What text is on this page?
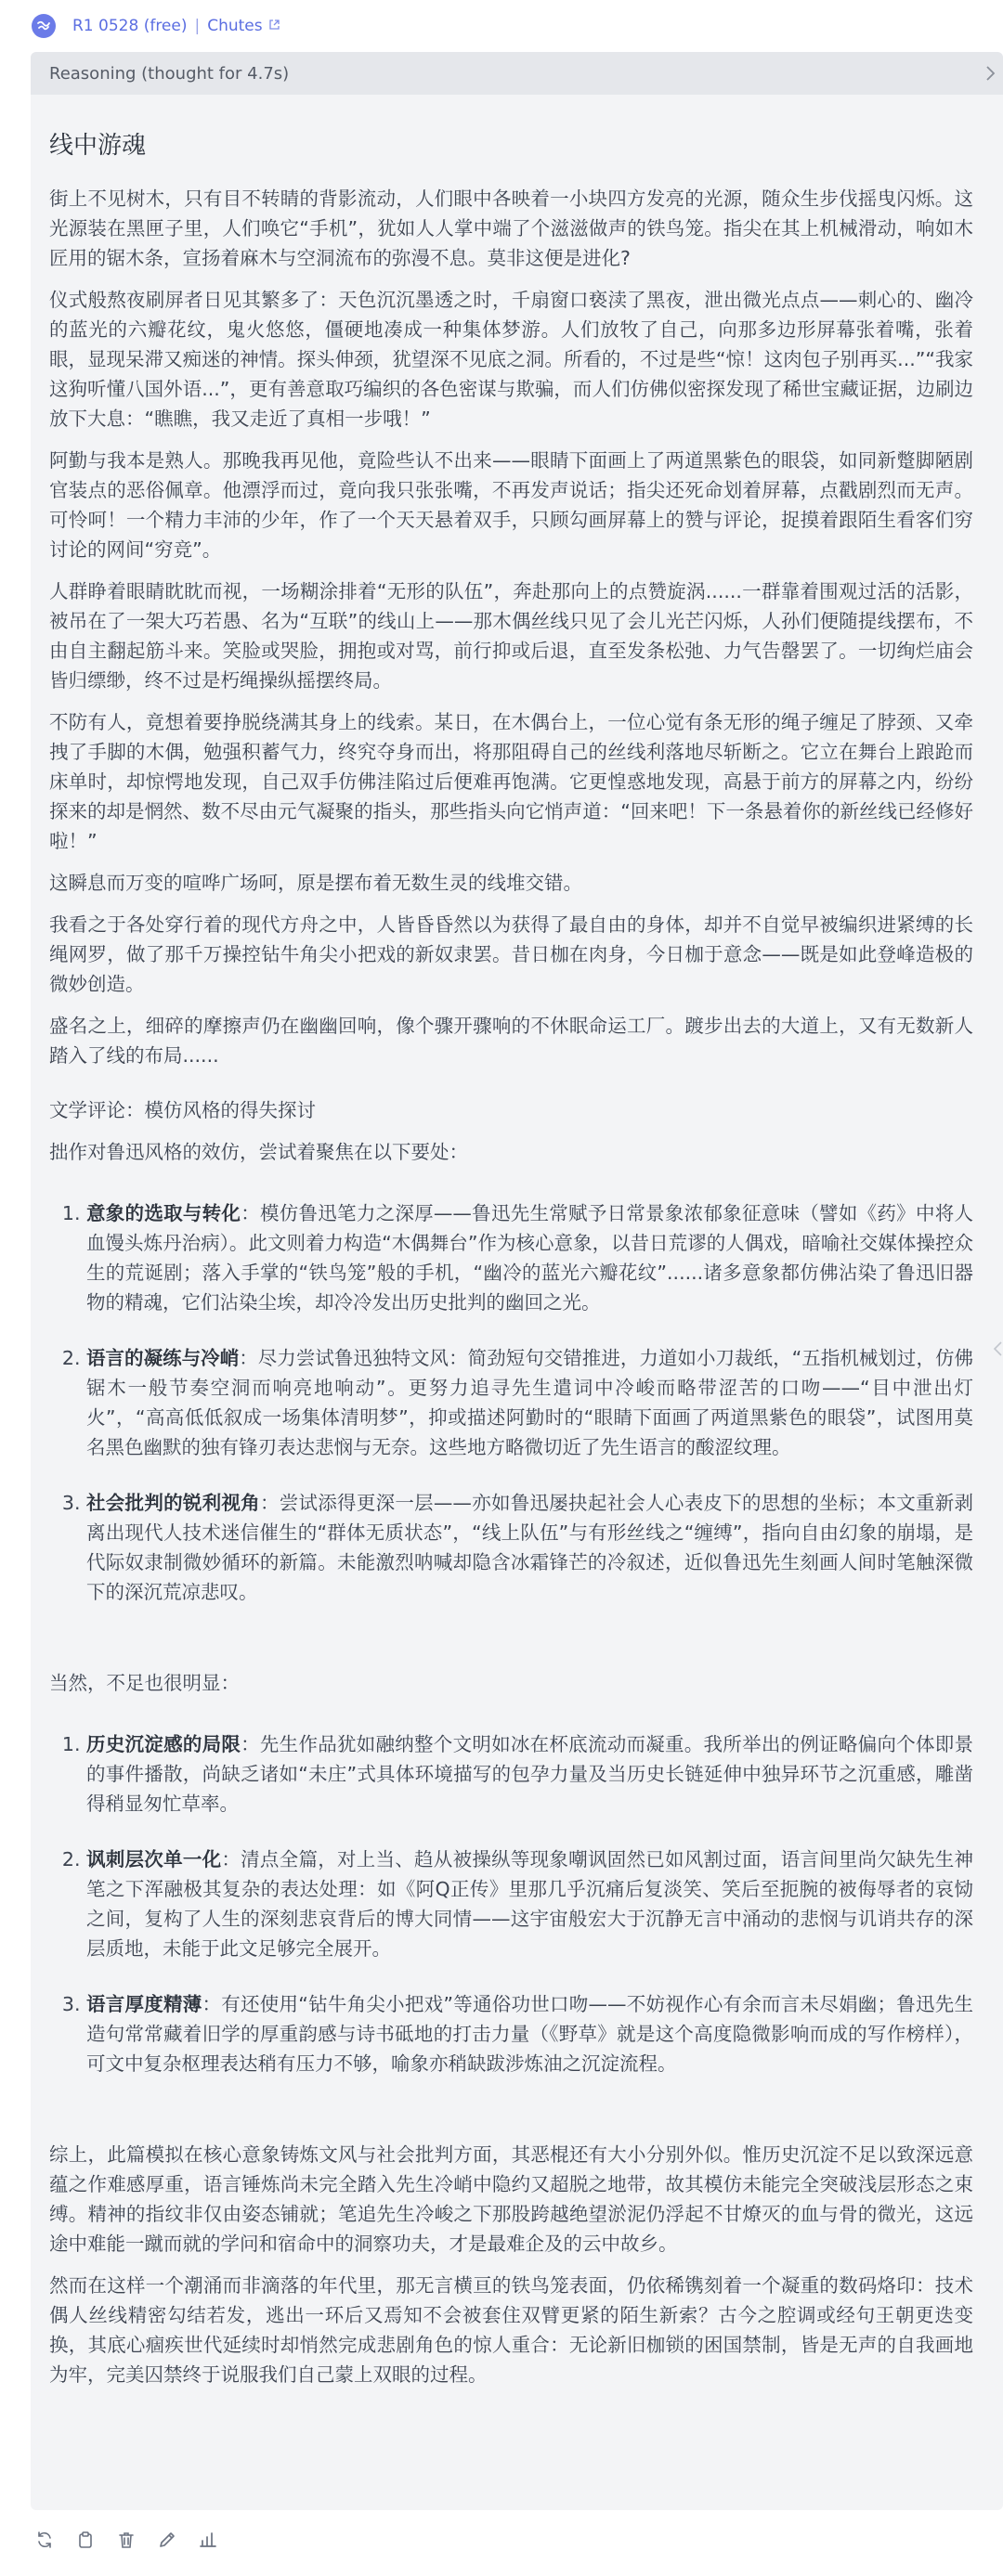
R1 0528 (free) | Chutes
Reasoning (thought for 4.7s)
线中游魂

街上不见树木，只有目不转睛的背影流动，人们眼中各映着一小块四方发亮的光源，随众生步伐摇曳闪烁。这光源装在黑匣子里，人们唤它“手机”，犹如人人掌中端了个滋滋做声的铁鸟笼。指尖在其上机械滑动，响如木匠用的锯木条，宣扬着麻木与空洞流布的弥漫不息。莫非这便是进化?

仪式般熬夜刷屏者日见其繁多了：天色沉沉墨透之时，千扇窗口亵渎了黑夜，泄出微光点点——刺心的、幽冷的蓝光的六瓣花纹，鬼火悠悠，僵硬地凑成一种集体梦游。人们放牧了自己，向那多边形屏幕张着嘴，张着眼，显现呆滞又痴迷的神情。探头伸颈，犹望深不见底之洞。所看的，不过是些“惊！这肉包子别再买...”“我家这狗听懂八国外语...”，更有善意取巧编织的各色密谋与欺骗，而人们仿佛似密探发现了稀世宝藏证据，边刷边放下大息：“瞧瞧，我又走近了真相一步哦！”

阿勤与我本是熟人。那晚我再见他，竟险些认不出来——眼睛下面画上了两道黑紫色的眼袋，如同新蹩脚陋剧官装点的恶俗佩章。他漂浮而过，竟向我只张张嘴，不再发声说话；指尖还死命划着屏幕，点戳剧烈而无声。可怜呵！一个精力丰沛的少年，作了一个天天悬着双手，只顾勾画屏幕上的赞与评论，捉摸着跟陌生看客们穷讨论的网间“穷竞”。

人群睁着眼睛眈眈而视，一场糊涂排着“无形的队伍”，奔赴那向上的点赞旋涡......一群靠着围观过活的活影，被吊在了一架大巧若愚、名为“互联”的线山上——那木偶丝线只见了会儿光芒闪烁，人孙们便随提线摆布，不由自主翻起筋斗来。笑脸或哭脸，拥抱或对骂，前行抑或后退，直至发条松弛、力气告罄罢了。一切绚烂庙会皆归缥缈，终不过是朽绳操纵摇摆终局。

不防有人，竟想着要挣脱绕满其身上的线索。某日，在木偶台上，一位心觉有条无形的绳子缠足了脖颈、又牵拽了手脚的木偶，勉强积蓄气力，终究夺身而出，将那阻碍自己的丝线利落地尽斩断之。它立在舞台上踉跄而床单时，却惊愕地发现，自己双手仿佛洼陷过后便难再饱满。它更惶惑地发现，高悬于前方的屏幕之内，纷纷探来的却是惘然、数不尽由元气凝聚的指头，那些指头向它悄声道：“回来吧！下一条悬着你的新丝线已经修好啦！”

这瞬息而万变的喧哗广场呵，原是摆布着无数生灵的线堆交错。

我看之于各处穿行着的现代方舟之中，人皆昏昏然以为获得了最自由的身体，却并不自觉早被编织进紧缚的长绳网罗，做了那千万操控钻牛角尖小把戏的新奴隶罢。昔日枷在肉身，今日枷于意念——既是如此登峰造极的微妙创造。

盛名之上，细碎的摩擦声仍在幽幽回响，像个骤开骤响的不休眠命运工厂。踱步出去的大道上，又有无数新人踏入了线的布局......

文学评论：模仿风格的得失探讨

拙作对鲁迅风格的效仿，尝试着聚焦在以下要处：

1. 意象的选取与转化：模仿鲁迅笔力之深厚——鲁迅先生常赋予日常景象浓郁象征意味（譬如《药》中将人血馒头炼丹治病）。此文则着力构造“木偶舞台”作为核心意象，以昔日荒谬的人偶戏，暗喻社交媒体操控众生的荒诞剧；落入手掌的“铁鸟笼”般的手机，“幽冷的蓝光六瓣花纹”......诸多意象都仿佛沾染了鲁迅旧器物的精魂，它们沾染尘埃，却冷冷发出历史批判的幽回之光。
2. 语言的凝练与冷峭：尽力尝试鲁迅独特文风：简劲短句交错推进，力道如小刀裁纸，“五指机械划过，仿佛锯木一般节奏空洞而响亮地响动”。更努力追寻先生遣词中冷峻而略带涩苦的口吻——“目中泄出灯火”，“高高低低叙成一场集体清明梦”，抑或描述阿勤时的“眼睛下面画了两道黑紫色的眼袋”，试图用莫名黑色幽默的独有锋刃表达悲悯与无奈。这些地方略微切近了先生语言的酸涩纹理。
3. 社会批判的锐利视角：尝试添得更深一层——亦如鲁迅屡抉起社会人心表皮下的思想的坐标；本文重新剥离出现代人技术迷信催生的“群体无质状态”，“线上队伍”与有形丝线之“缠缚”，指向自由幻象的崩塌，是代际奴隶制微妙循环的新篇。未能激烈呐喊却隐含冰霜锋芒的冷叙述，近似鲁迅先生刻画人间时笔触深微下的深沉荒凉悲叹。

当然，不足也很明显：

1. 历史沉淀感的局限：先生作品犹如融纳整个文明如冰在杯底流动而凝重。我所举出的例证略偏向个体即景的事件播散，尚缺乏诸如“未庄”式具体环境描写的包孕力量及当历史长链延伸中独异环节之沉重感，雕凿得稍显匆忙草率。
2. 讽刺层次单一化：清点全篇，对上当、趋从被操纵等现象嘲讽固然已如风割过面，语言间里尚欠缺先生神笔之下浑融极其复杂的表达处理：如《阿Q正传》里那几乎沉痛后复淡笑、笑后至扼腕的被侮辱者的哀恸之间，复构了人生的深刻悲哀背后的博大同情——这宇宙般宏大于沉静无言中涌动的悲悯与讥诮共存的深层质地，未能于此文足够完全展开。
3. 语言厚度精薄：有还使用“钻牛角尖小把戏”等通俗功世口吻——不妨视作心有余而言未尽娟幽；鲁迅先生造句常常藏着旧学的厚重韵感与诗书砥地的打击力量（《野草》就是这个高度隐微影响而成的写作榜样），可文中复杂枢理表达稍有压力不够，喻象亦稍缺跋涉炼油之沉淀流程。

综上，此篇模拟在核心意象铸炼文风与社会批判方面，其恶棍还有大小分别外似。惟历史沉淀不足以致深远意蕴之作难感厚重，语言锤炼尚未完全踏入先生冷峭中隐约又超脱之地带，故其模仿未能完全突破浅层形态之束缚。精神的指纹非仅由姿态铺就；笔追先生冷峻之下那股跨越绝望淤泥仍浮起不甘燎灭的血与骨的微光，这远途中难能一蹴而就的学问和宿命中的洞察功夫，才是最难企及的云中故乡。

然而在这样一个潮涌而非滴落的年代里，那无言横亘的铁鸟笼表面，仍依稀镌刻着一个凝重的数码烙印：技术偶人丝线精密勾结若发，逃出一环后又焉知不会被套住双臂更紧的陌生新索？古今之腔调或经句王朝更迭变换，其底心痼疾世代延续时却悄然完成悲剧角色的惊人重合：无论新旧枷锁的困国禁制，皆是无声的自我画地为牢，完美囚禁终于说服我们自己蒙上双眼的过程。
